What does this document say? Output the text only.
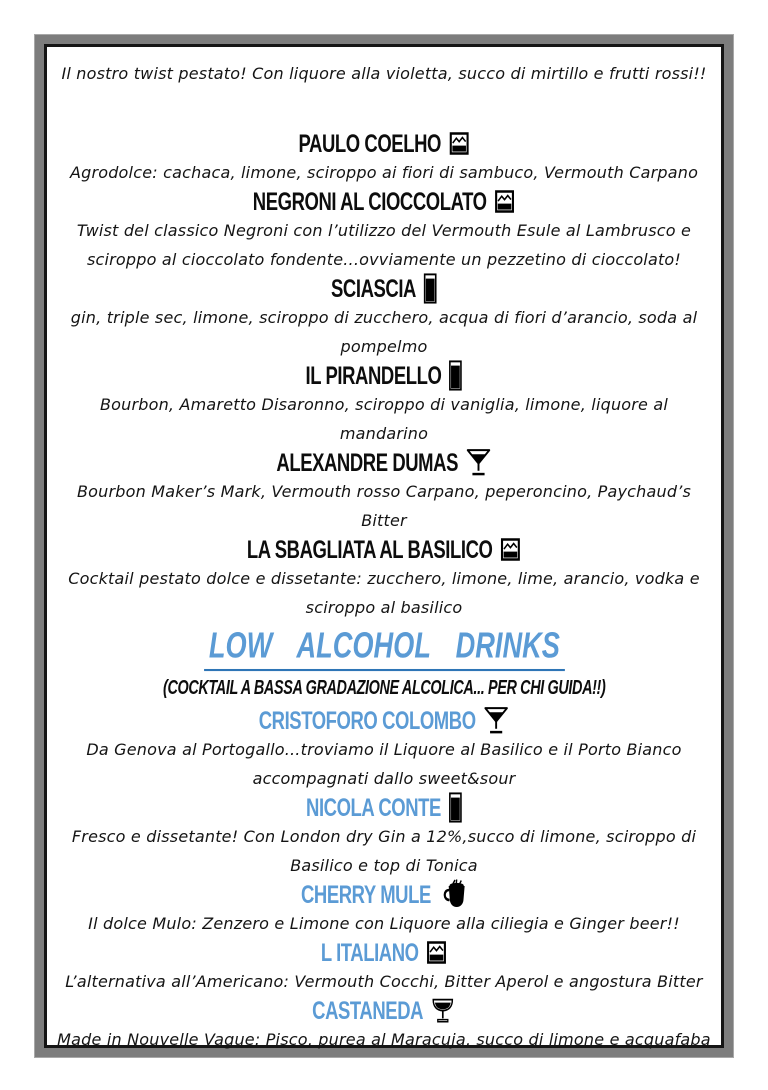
Il nostro twist pestato! Con liquore alla violetta, succo di mirtillo e frutti rossi!!

PAULO COELHO

Agrodolce: cachaca, limone, sciroppo ai fiori di sambuco, Vermouth Carpano

NEGRONI AL CIOCCOLATO

Twist del classico Negroni con l’utilizzo del Vermouth Esule al Lambrusco e sciroppo al cioccolato fondente...ovviamente un pezzetino di cioccolato!

SCIASCIA

gin, triple sec, limone, sciroppo di zucchero, acqua di fiori d’arancio, soda al pompelmo

IL PIRANDELLO

Bourbon, Amaretto Disaronno, sciroppo di vaniglia, limone, liquore al mandarino

ALEXANDRE DUMAS

Bourbon Maker’s Mark, Vermouth rosso Carpano, peperoncino, Paychaud’s Bitter

LA SBAGLIATA AL BASILICO

Cocktail pestato dolce e dissetante: zucchero, limone, lime, arancio, vodka e sciroppo al basilico

LOW ALCOHOL DRINKS
(COCKTAIL A BASSA GRADAZIONE ALCOLICA... PER CHI GUIDA!!)
CRISTOFORO COLOMBO

Da Genova al Portogallo...troviamo il Liquore al Basilico e il Porto Bianco accompagnati dallo sweet&sour

NICOLA CONTE

Fresco e dissetante! Con London dry Gin a 12%,succo di limone, sciroppo di Basilico e top di Tonica

CHERRY MULE

Il dolce Mulo: Zenzero e Limone con Liquore alla ciliegia e Ginger beer!!

L ITALIANO

L’alternativa all’Americano: Vermouth Cocchi, Bitter Aperol e angostura Bitter

CASTANEDA

Made in Nouvelle Vague: Pisco, purea al Maracuja, succo di limone e acquafaba
